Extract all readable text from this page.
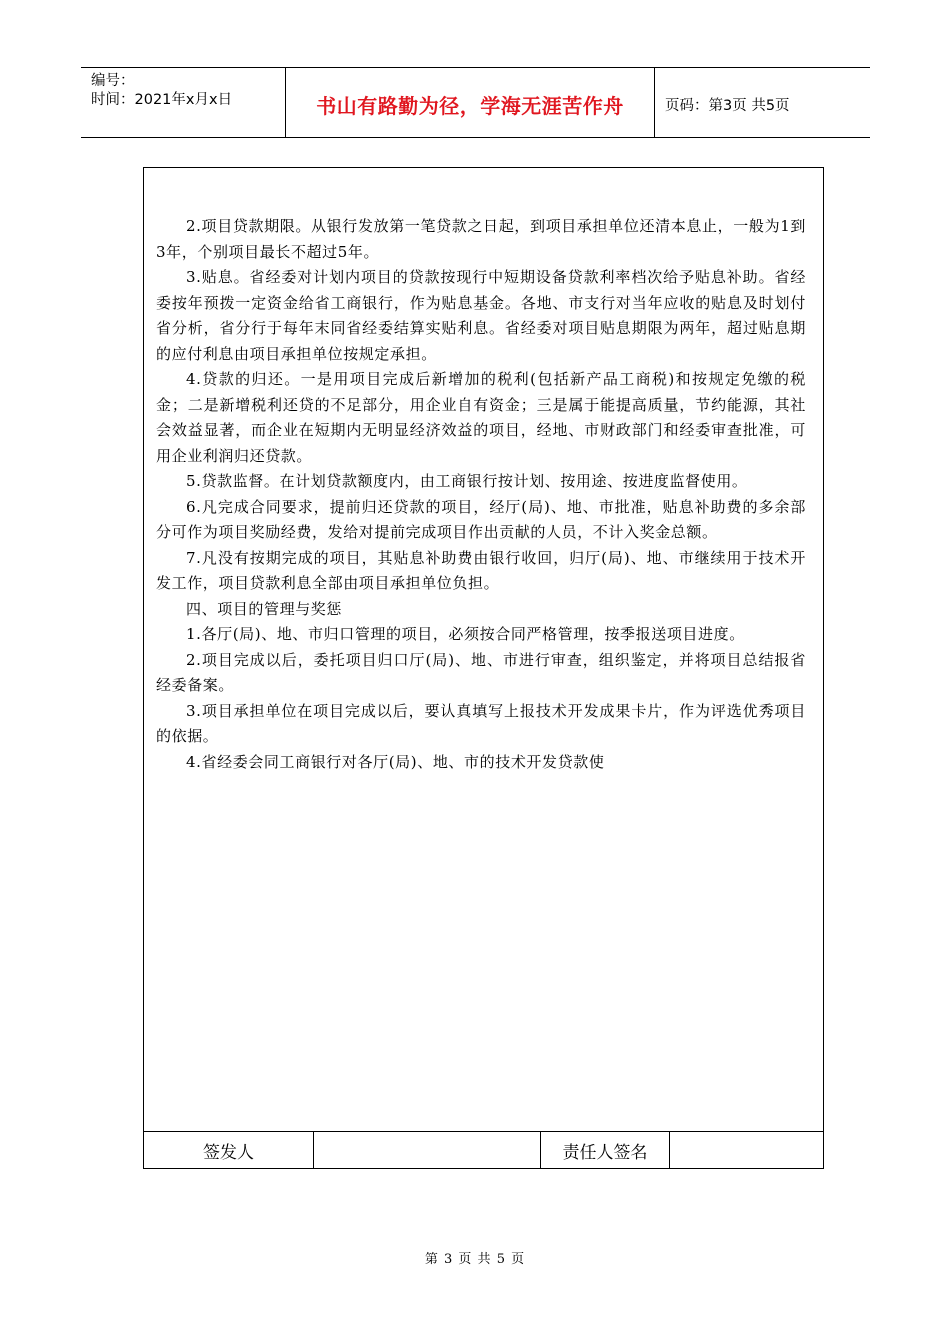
编号：
时间：2021年x月x日	书山有路勤为径，学海无涯苦作舟	页码：第3页 共5页

2.项目贷款期限。从银行发放第一笔贷款之日起，到项目承担单位还清本息止，一般为1到3年，个别项目最长不超过5年。

3.贴息。省经委对计划内项目的贷款按现行中短期设备贷款利率档次给予贴息补助。省经委按年预拨一定资金给省工商银行，作为贴息基金。各地、市支行对当年应收的贴息及时划付省分析，省分行于每年末同省经委结算实贴利息。省经委对项目贴息期限为两年，超过贴息期的应付利息由项目承担单位按规定承担。

4.贷款的归还。一是用项目完成后新增加的税利(包括新产品工商税)和按规定免缴的税金；二是新增税利还贷的不足部分，用企业自有资金；三是属于能提高质量，节约能源，其社会效益显著，而企业在短期内无明显经济效益的项目，经地、市财政部门和经委审查批准，可用企业利润归还贷款。

5.贷款监督。在计划贷款额度内，由工商银行按计划、按用途、按进度监督使用。

6.凡完成合同要求，提前归还贷款的项目，经厅(局)、地、市批准，贴息补助费的多余部分可作为项目奖励经费，发给对提前完成项目作出贡献的人员，不计入奖金总额。

7.凡没有按期完成的项目，其贴息补助费由银行收回，归厅(局)、地、市继续用于技术开发工作，项目贷款利息全部由项目承担单位负担。

四、项目的管理与奖惩

1.各厅(局)、地、市归口管理的项目，必须按合同严格管理，按季报送项目进度。

2.项目完成以后，委托项目归口厅(局)、地、市进行审查，组织鉴定，并将项目总结报省经委备案。

3.项目承担单位在项目完成以后，要认真填写上报技术开发成果卡片，作为评选优秀项目的依据。

4.省经委会同工商银行对各厅(局)、地、市的技术开发贷款使

签发人	责任人签名
第 3 页 共 5 页
